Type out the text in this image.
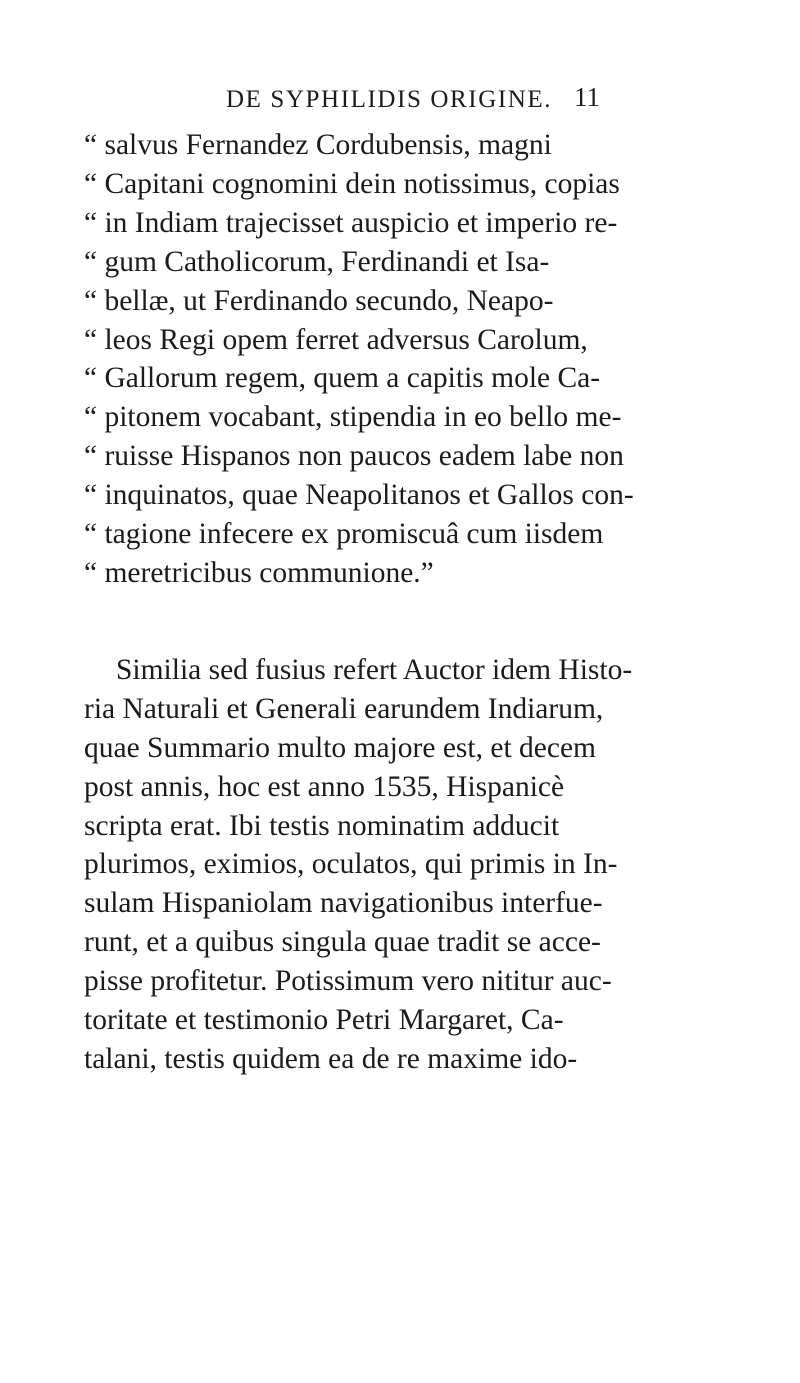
DE SYPHILIDIS ORIGINE. 11
“ salvus Fernandez Cordubensis, magni
“ Capitani cognomini dein notissimus, copias
“ in Indiam trajecisset auspicio et imperio re-
“ gum Catholicorum, Ferdinandi et Isa-
“ bellæ, ut Ferdinando secundo, Neapo-
“ leos Regi opem ferret adversus Carolum,
“ Gallorum regem, quem a capitis mole Ca-
“ pitonem vocabant, stipendia in eo bello me-
“ ruisse Hispanos non paucos eadem labe non
“ inquinatos, quae Neapolitanos et Gallos con-
“ tagione infecere ex promiscuâ cum iisdem
“ meretricibus communione.”
Similia sed fusius refert Auctor idem Histo-
ria Naturali et Generali earundem Indiarum,
quae Summario multo majore est, et decem
post annis, hoc est anno 1535, Hispanicè
scripta erat. Ibi testis nominatim adducit
plurimos, eximios, oculatos, qui primis in In-
sulam Hispaniolam navigationibus interfue-
runt, et a quibus singula quae tradit se acce-
pisse profitetur. Potissimum vero nititur auc-
toritate et testimonio Petri Margaret, Ca-
talani, testis quidem ea de re maxime ido-
